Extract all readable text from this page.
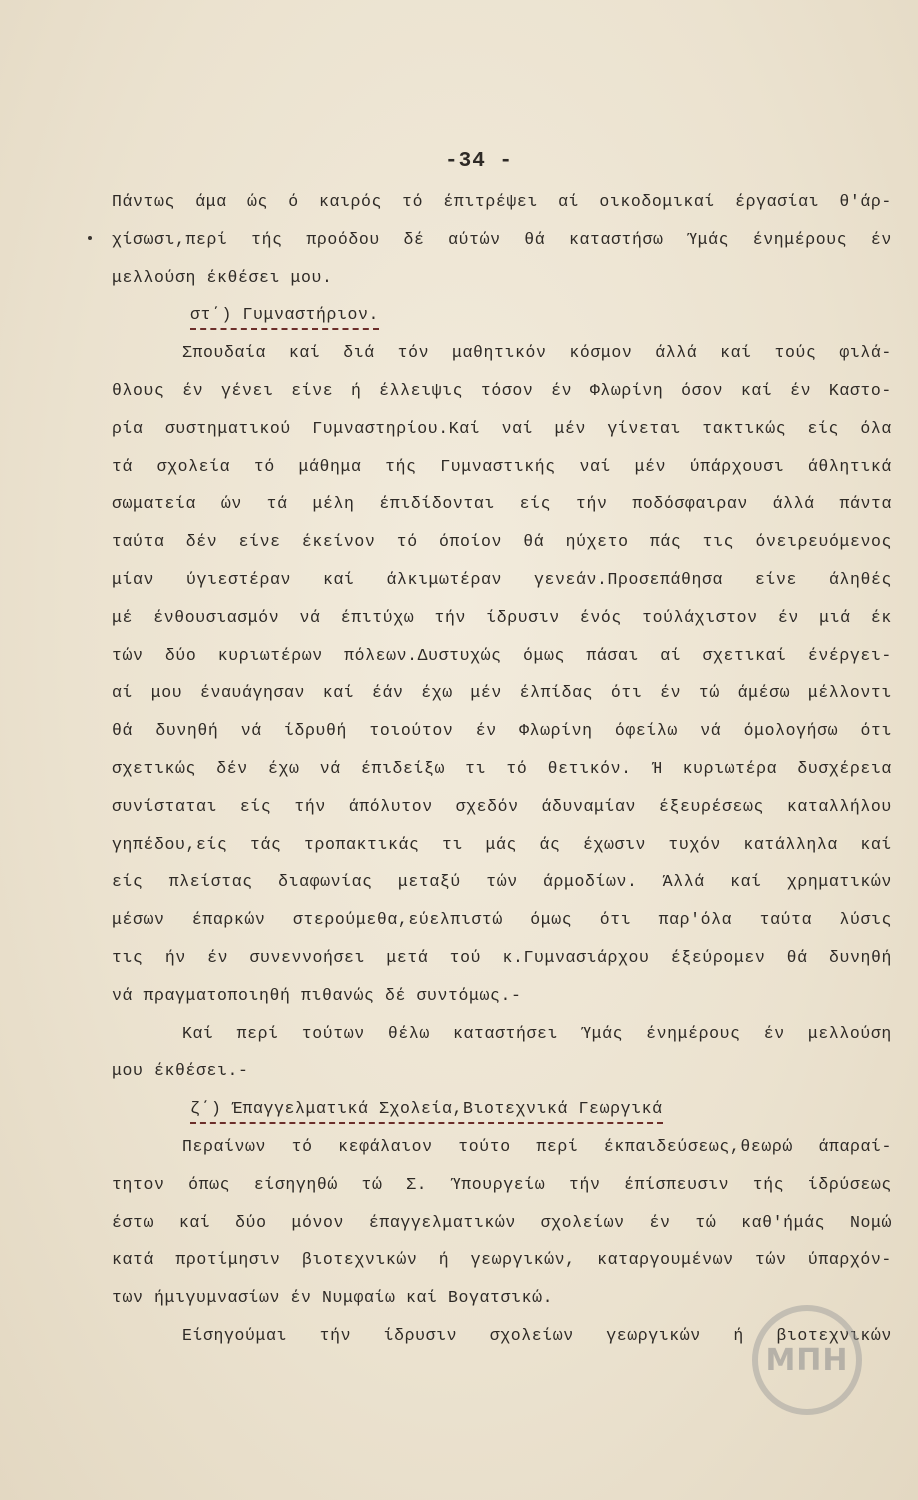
-34 -
Πάντως άμα ώς ό καιρός τό έπιτρέψει αί οικοδομικαί έργασίαι θ'άρ-
χίσωσι,περί τής προόδου δέ αύτών θά καταστήσω Ύμάς ένημέρους έν
μελλούση έκθέσει μου.
στ΄) Γυμναστήριον.
Σπουδαία καί διά τόν μαθητικόν κόσμον άλλά καί τούς φιλά-
θλους έν γένει είνε ή έλλειψις τόσον έν Φλωρίνη όσον καί έν Καστο-
ρία συστηματικού Γυμναστηρίου.Καί ναί μέν γίνεται τακτικώς είς όλα
τά σχολεία τό μάθημα τής Γυμναστικής ναί μέν ύπάρχουσι άθλητικά
σωματεία ών τά μέλη έπιδίδονται είς τήν ποδόσφαιραν άλλά πάντα
ταύτα δέν είνε έκείνον τό όποίον θά ηύχετο πάς τις όνειρευόμενος
μίαν ύγιεστέραν καί άλκιμωτέραν γενεάν.Προσεπάθησα είνε άληθές
μέ ένθουσιασμόν νά έπιτύχω τήν ίδρυσιν ένός τούλάχιστον έν μιά έκ
τών δύο κυριωτέρων πόλεων.Δυστυχώς όμως πάσαι αί σχετικαί ένέργει-
αί μου έναυάγησαν καί έάν έχω μέν έλπίδας ότι έν τώ άμέσω μέλλοντι
θά δυνηθή νά ίδρυθή τοιούτον έν Φλωρίνη όφείλω νά όμολογήσω ότι
σχετικώς δέν έχω νά έπιδείξω τι τό θετικόν. Ή κυριωτέρα δυσχέρεια
συνίσταται είς τήν άπόλυτον σχεδόν άδυναμίαν έξευρέσεως καταλλήλου
γηπέδου,είς τάς τροπακτικάς τι μάς άς έχωσιν τυχόν κατάλληλα καί
είς πλείστας διαφωνίας μεταξύ τών άρμοδίων. Άλλά καί χρηματικών
μέσων έπαρκών στερούμεθα,εύελπιστώ όμως ότι παρ'όλα ταύτα λύσις
τις ήν έν συνεννοήσει μετά τού κ.Γυμνασιάρχου έξεύρομεν θά δυνηθή
νά πραγματοποιηθή πιθανώς δέ συντόμως.-
Καί περί τούτων θέλω καταστήσει Ύμάς ένημέρους έν μελλούση
μου έκθέσει.-
ζ΄) Έπαγγελματικά Σχολεία,Βιοτεχνικά Γεωργικά
Περαίνων τό κεφάλαιον τούτο περί έκπαιδεύσεως,θεωρώ άπαραί-
τητον όπως είσηγηθώ τώ Σ. Ύπουργείω τήν έπίσπευσιν τής ίδρύσεως
έστω καί δύο μόνον έπαγγελματικών σχολείων έν τώ καθ'ήμάς Νομώ
κατά προτίμησιν βιοτεχνικών ή γεωργικών, καταργουμένων τών ύπαρχόν-
των ήμιγυμνασίων έν Νυμφαίω καί Βογατσικώ.
Είσηγούμαι τήν ίδρυσιν σχολείων γεωργικών ή βιοτεχνικών
ΜΠΗ
